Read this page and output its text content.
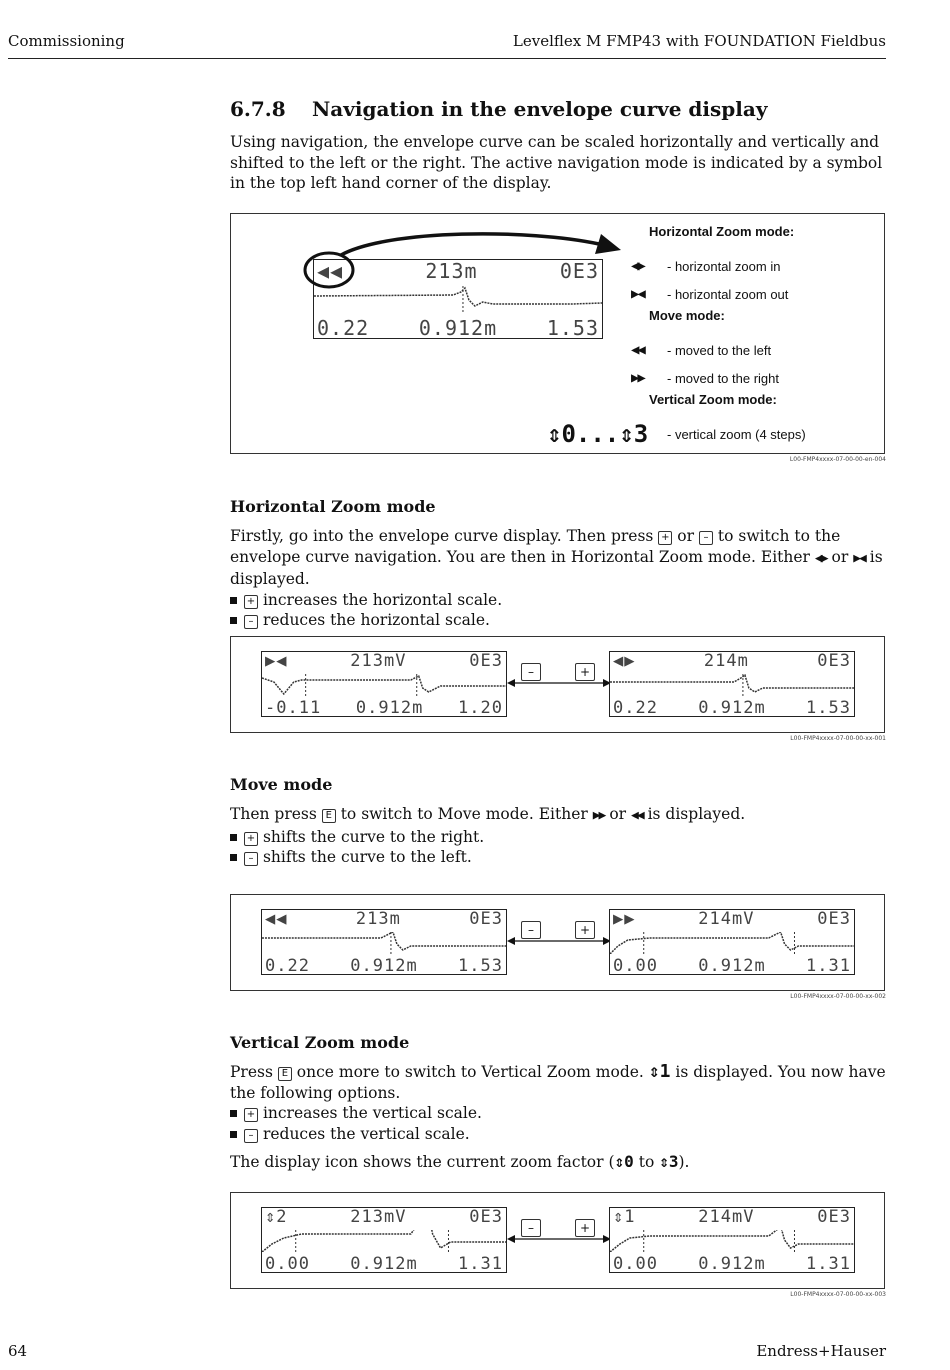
Commissioning	Levelflex M FMP43 with FOUNDATION Fieldbus
6.7.8 Navigation in the envelope curve display
Using navigation, the envelope curve can be scaled horizontally and vertically and shifted to the left or the right. The active navigation mode is indicated by a symbol in the top left hand corner of the display.
◀◀	213m	0E3
0.22 0.912m 1.53
Horizontal Zoom mode:
◀▶	- horizontal zoom in
▶◀	- horizontal zoom out
Move mode:
◀◀	- moved to the left
▶▶	- moved to the right
Vertical Zoom mode:
⇕0...⇕3	- vertical zoom (4 steps)
L00-FMP4xxxx-07-00-00-en-004
Horizontal Zoom mode
Firstly, go into the envelope curve display. Then press + or – to switch to the envelope curve navigation. You are then in Horizontal Zoom mode. Either ◀▶ or ▶◀ is displayed.
+ increases the horizontal scale.
– reduces the horizontal scale.
▶◀	213mV	0E3
-0.11 0.912m 1.20
–	+
◀▶	214m	0E3
0.22 0.912m 1.53
L00-FMP4xxxx-07-00-00-xx-001
Move mode
Then press E to switch to Move mode. Either ▶▶ or ◀◀ is displayed.
+ shifts the curve to the right.
– shifts the curve to the left.
◀◀	213m	0E3
0.22 0.912m 1.53
–	+
▶▶	214mV	0E3
0.00 0.912m 1.31
L00-FMP4xxxx-07-00-00-xx-002
Vertical Zoom mode
Press E once more to switch to Vertical Zoom mode. ⇕1 is displayed. You now have the following options.
+ increases the vertical scale.
– reduces the vertical scale.
The display icon shows the current zoom factor (⇕0 to ⇕3).
⇕2	213mV	0E3
0.00 0.912m 1.31
–	+
⇕1	214mV	0E3
0.00 0.912m 1.31
L00-FMP4xxxx-07-00-00-xx-003
64	Endress+Hauser
